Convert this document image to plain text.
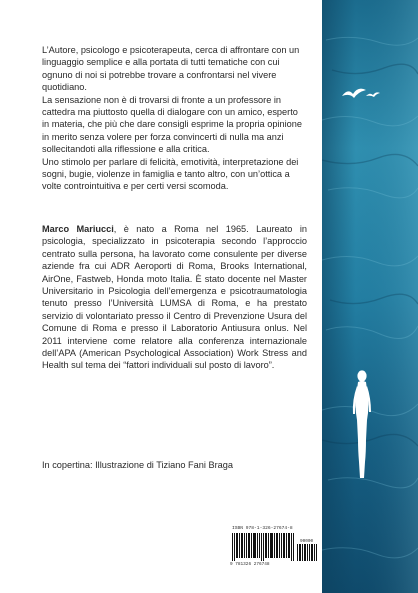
L’Autore, psicologo e psicoterapeuta, cerca di affrontare con un linguaggio semplice e alla portata di tutti tematiche con cui ognuno di noi si potrebbe trovare a confrontarsi nel vivere quotidiano.

La sensazione non è di trovarsi di fronte a un professore in cattedra ma piuttosto quella di dialogare con un amico, esperto in materia, che più che dare consigli esprime la propria opinione in merito senza volere per forza convincerti di nulla ma anzi sollecitandoti alla riflessione e alla critica.

Uno stimolo per parlare di felicità, emotività, interpretazione dei sogni, bugie, violenze in famiglia e tanto altro, con un’ottica a volte controintuitiva e per certi versi scomoda.

Marco Mariucci, è nato a Roma nel 1965. Laureato in psicologia, specializzato in psicoterapia secondo l’approccio centrato sulla persona, ha lavorato come consulente per diverse aziende fra cui ADR Aeroporti di Roma, Brooks International, AirOne, Fastweb, Honda moto Italia. È stato docente nel Master Universitario in Psicologia dell’emergenza e psicotraumatologia tenuto presso l’Università LUMSA di Roma, e ha prestato servizio di volontariato presso il Centro di Prevenzione Usura del Comune di Roma e presso il Laboratorio Antiusura onlus. Nel 2011 interviene come relatore alla conferenza internazionale dell’APA (American Psychological Association) Work Stress and Health sul tema dei “fattori individuali sul posto di lavoro”.

In copertina: Illustrazione di Tiziano Fani Braga
ISBN 978-1-326-27674-8
90000
9 781326 276748
